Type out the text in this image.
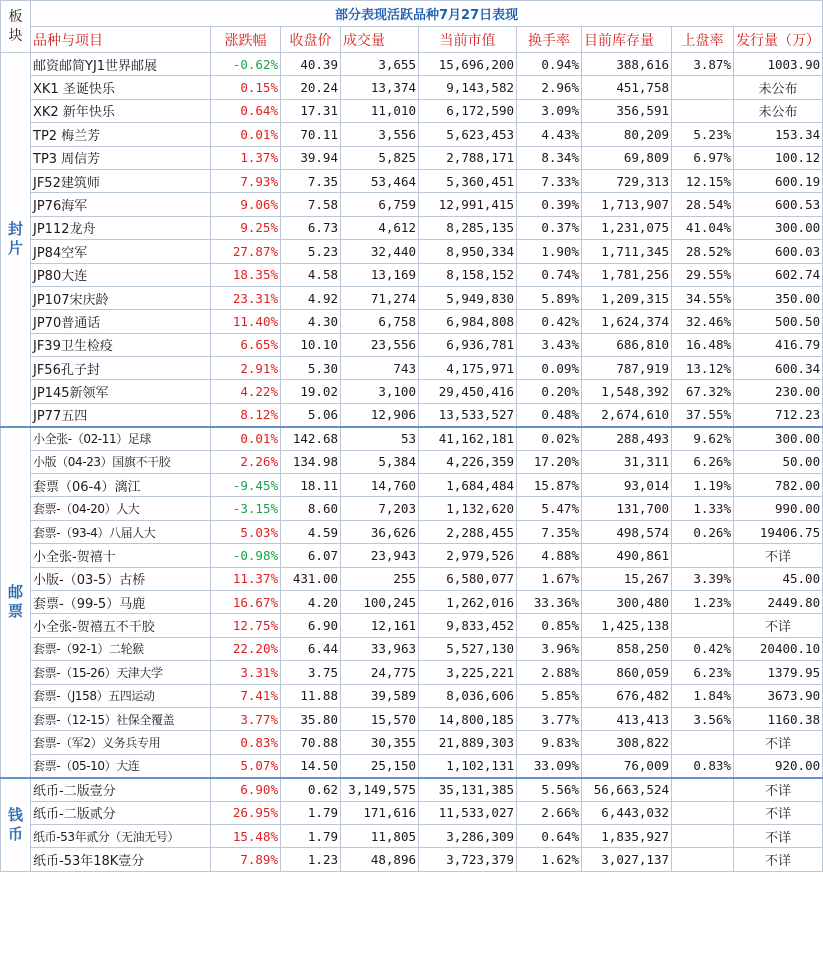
板
块	部分表现活跃品种7月27日表现								
	品种与项目	涨跌幅	收盘价	成交量	当前市值	换手率	目前库存量	上盘率	发行量（万）
封
片	邮资邮简YJ1世界邮展	-0.62%	40.39	3,655	15,696,200	0.94%	388,616	3.87%	1003.90
	XK1 圣诞快乐	0.15%	20.24	13,374	9,143,582	2.96%	451,758		未公布
	XK2 新年快乐	0.64%	17.31	11,010	6,172,590	3.09%	356,591		未公布
	TP2 梅兰芳	0.01%	70.11	3,556	5,623,453	4.43%	80,209	5.23%	153.34
	TP3 周信芳	1.37%	39.94	5,825	2,788,171	8.34%	69,809	6.97%	100.12
	JF52建筑师	7.93%	7.35	53,464	5,360,451	7.33%	729,313	12.15%	600.19
	JP76海军	9.06%	7.58	6,759	12,991,415	0.39%	1,713,907	28.54%	600.53
	JP112龙舟	9.25%	6.73	4,612	8,285,135	0.37%	1,231,075	41.04%	300.00
	JP84空军	27.87%	5.23	32,440	8,950,334	1.90%	1,711,345	28.52%	600.03
	JP80大连	18.35%	4.58	13,169	8,158,152	0.74%	1,781,256	29.55%	602.74
	JP107宋庆龄	23.31%	4.92	71,274	5,949,830	5.89%	1,209,315	34.55%	350.00
	JP70普通话	11.40%	4.30	6,758	6,984,808	0.42%	1,624,374	32.46%	500.50
	JF39卫生检疫	6.65%	10.10	23,556	6,936,781	3.43%	686,810	16.48%	416.79
	JF56孔子封	2.91%	5.30	743	4,175,971	0.09%	787,919	13.12%	600.34
	JP145新领军	4.22%	19.02	3,100	29,450,416	0.20%	1,548,392	67.32%	230.00
	JP77五四	8.12%	5.06	12,906	13,533,527	0.48%	2,674,610	37.55%	712.23
邮
票	小全张-（02-11）足球	0.01%	142.68	53	41,162,181	0.02%	288,493	9.62%	300.00
	小版（04-23）国旗不干胶	2.26%	134.98	5,384	4,226,359	17.20%	31,311	6.26%	50.00
	套票（06-4）漓江	-9.45%	18.11	14,760	1,684,484	15.87%	93,014	1.19%	782.00
	套票-（04-20）人大	-3.15%	8.60	7,203	1,132,620	5.47%	131,700	1.33%	990.00
	套票-（93-4）八届人大	5.03%	4.59	36,626	2,288,455	7.35%	498,574	0.26%	19406.75
	小全张-贺禧十	-0.98%	6.07	23,943	2,979,526	4.88%	490,861		不详
	小版-（03-5）古桥	11.37%	431.00	255	6,580,077	1.67%	15,267	3.39%	45.00
	套票-（99-5）马鹿	16.67%	4.20	100,245	1,262,016	33.36%	300,480	1.23%	2449.80
	小全张-贺禧五不干胶	12.75%	6.90	12,161	9,833,452	0.85%	1,425,138		不详
	套票-（92-1）二轮猴	22.20%	6.44	33,963	5,527,130	3.96%	858,250	0.42%	20400.10
	套票-（15-26）天津大学	3.31%	3.75	24,775	3,225,221	2.88%	860,059	6.23%	1379.95
	套票-（J158）五四运动	7.41%	11.88	39,589	8,036,606	5.85%	676,482	1.84%	3673.90
	套票-（12-15）社保全覆盖	3.77%	35.80	15,570	14,800,185	3.77%	413,413	3.56%	1160.38
	套票-（军2）义务兵专用	0.83%	70.88	30,355	21,889,303	9.83%	308,822		不详
	套票-（05-10）大连	5.07%	14.50	25,150	1,102,131	33.09%	76,009	0.83%	920.00
钱
币	纸币-二版壹分	6.90%	0.62	3,149,575	35,131,385	5.56%	56,663,524		不详
	纸币-二版贰分	26.95%	1.79	171,616	11,533,027	2.66%	6,443,032		不详
	纸币-53年贰分（无油无号）	15.48%	1.79	11,805	3,286,309	0.64%	1,835,927		不详
	纸币-53年18K壹分	7.89%	1.23	48,896	3,723,379	1.62%	3,027,137		不详
